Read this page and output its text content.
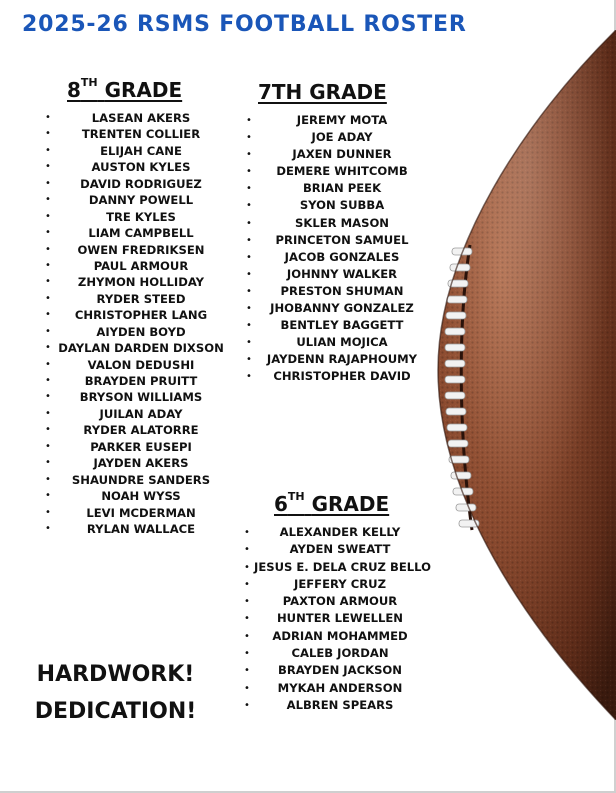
2025-26 RSMS FOOTBALL ROSTER
8TH GRADE
• LASEAN AKERS
• TRENTEN COLLIER
• ELIJAH CANE
• AUSTON KYLES
• DAVID RODRIGUEZ
• DANNY POWELL
• TRE KYLES
• LIAM CAMPBELL
• OWEN FREDRIKSEN
• PAUL ARMOUR
• ZHYMON HOLLIDAY
• RYDER STEED
• CHRISTOPHER LANG
• AIYDEN BOYD
• DAYLAN DARDEN DIXSON
• VALON DEDUSHI
• BRAYDEN PRUITT
• BRYSON WILLIAMS
• JUILAN ADAY
• RYDER ALATORRE
• PARKER EUSEPI
• JAYDEN AKERS
• SHAUNDRE SANDERS
• NOAH WYSS
• LEVI MCDERMAN
• RYLAN WALLACE
7TH GRADE
• JEREMY MOTA
• JOE ADAY
• JAXEN DUNNER
• DEMERE WHITCOMB
• BRIAN PEEK
• SYON SUBBA
• SKLER MASON
• PRINCETON SAMUEL
• JACOB GONZALES
• JOHNNY WALKER
• PRESTON SHUMAN
• JHOBANNY GONZALEZ
• BENTLEY BAGGETT
• ULIAN MOJICA
• JAYDENN RAJAPHOUMY
• CHRISTOPHER DAVID
6TH GRADE
• ALEXANDER KELLY
• AYDEN SWEATT
• JESUS E. DELA CRUZ BELLO
• JEFFERY CRUZ
• PAXTON ARMOUR
• HUNTER LEWELLEN
• ADRIAN MOHAMMED
• CALEB JORDAN
• BRAYDEN JACKSON
• MYKAH ANDERSON
• ALBREN SPEARS
HARDWORK!
DEDICATION!
